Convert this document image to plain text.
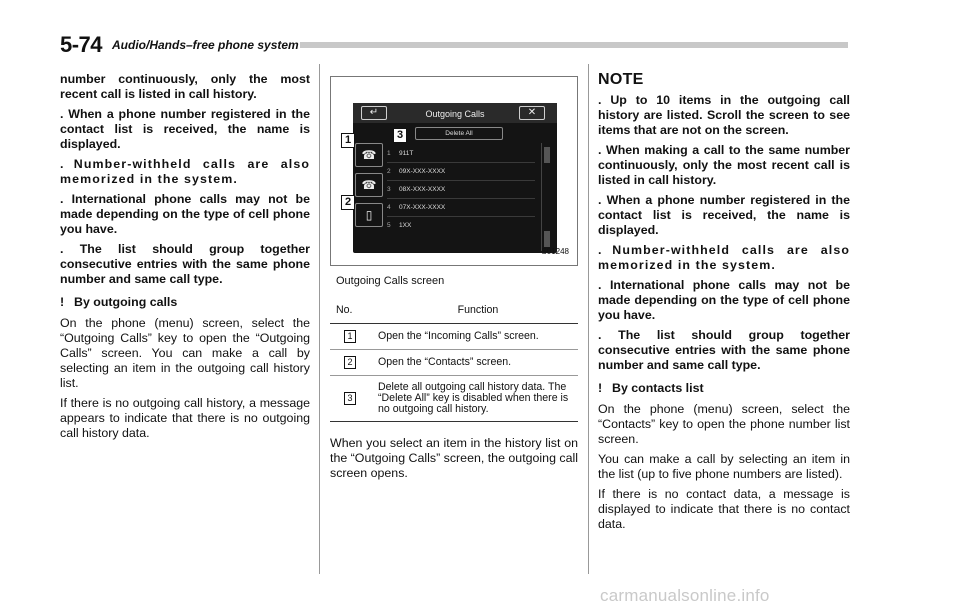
5-74 Audio/Hands–free phone system

number continuously, only the most recent call is listed in call history.

. When a phone number registered in the contact list is received, the name is displayed.

. Number-withheld calls are also memorized in the system.

. International phone calls may not be made depending on the type of cell phone you have.

. The list should group together consecutive entries with the same phone number and same call type.

! By outgoing calls

On the phone (menu) screen, select the “Outgoing Calls” key to open the “Outgoing Calls” screen. You can make a call by selecting an item in the outgoing call history list.

If there is no outgoing call history, a message appears to indicate that there is no outgoing call history data.

↵	Outgoing Calls	✕
Delete All
☎
☎
▯
1 911T
2 09X-XXX-XXXX
3 08X-XXX-XXXX
4 07X-XXX-XXXX
5 1XX
1
2
3
S01248

Outgoing Calls screen

No.	Function
1	Open the “Incoming Calls” screen.
2	Open the “Contacts” screen.
3	Delete all outgoing call history data. The “Delete All” key is disabled when there is no outgoing call history.

When you select an item in the history list on the “Outgoing Calls” screen, the outgoing call screen opens.

NOTE

. Up to 10 items in the outgoing call history are listed. Scroll the screen to see items that are not on the screen.

. When making a call to the same number continuously, only the most recent call is listed in call history.

. When a phone number registered in the contact list is received, the name is displayed.

. Number-withheld calls are also memorized in the system.

. International phone calls may not be made depending on the type of cell phone you have.

. The list should group together consecutive entries with the same phone number and same call type.

! By contacts list

On the phone (menu) screen, select the “Contacts” key to open the phone number list screen.

You can make a call by selecting an item in the list (up to five phone numbers are listed).

If there is no contact data, a message is displayed to indicate that there is no contact data.

carmanualsonline.info
